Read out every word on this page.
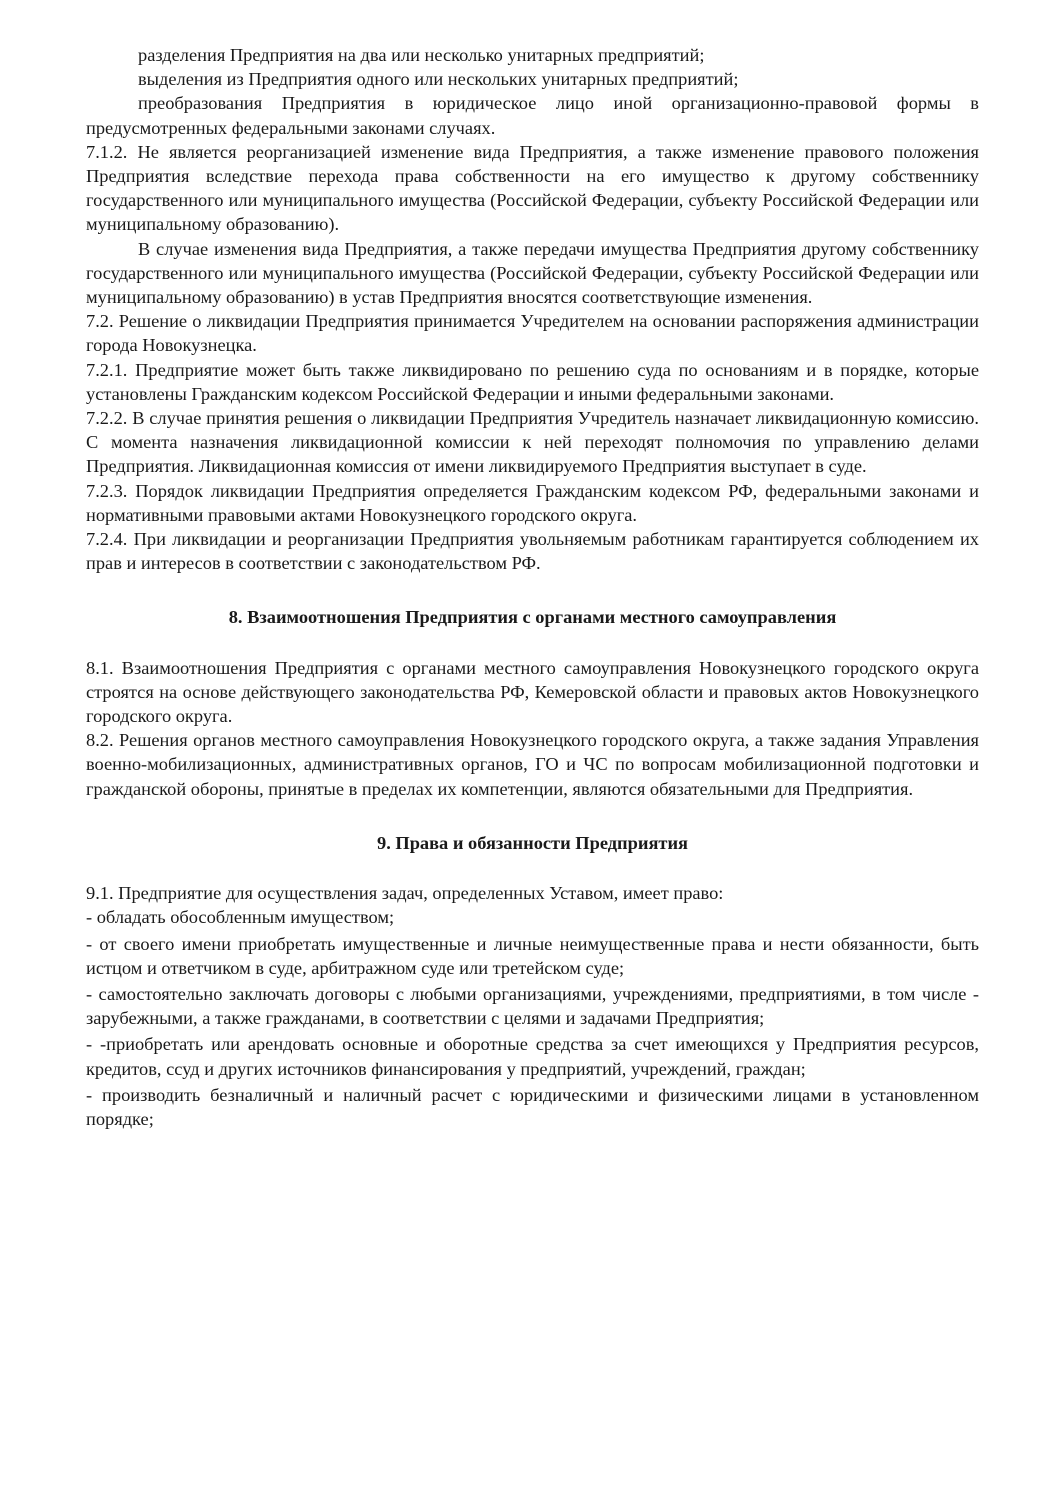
разделения Предприятия на два или несколько унитарных предприятий;

выделения из Предприятия одного или нескольких унитарных предприятий;

преобразования Предприятия в юридическое лицо иной организационно-правовой формы в предусмотренных федеральными законами случаях.

7.1.2. Не является реорганизацией изменение вида Предприятия, а также изменение правового положения Предприятия вследствие перехода права собственности на его имущество к другому собственнику государственного или муниципального имущества (Российской Федерации, субъекту Российской Федерации или муниципальному образованию).

В случае изменения вида Предприятия, а также передачи имущества Предприятия другому собственнику государственного или муниципального имущества (Российской Федерации, субъекту Российской Федерации или муниципальному образованию) в устав Предприятия вносятся соответствующие изменения.

7.2. Решение о ликвидации Предприятия принимается Учредителем на основании распоряжения администрации города Новокузнецка.

7.2.1. Предприятие может быть также ликвидировано по решению суда по основаниям и в порядке, которые установлены Гражданским кодексом Российской Федерации и иными федеральными законами.

7.2.2. В случае принятия решения о ликвидации Предприятия Учредитель назначает ликвидационную комиссию. С момента назначения ликвидационной комиссии к ней переходят полномочия по управлению делами Предприятия. Ликвидационная комиссия от имени ликвидируемого Предприятия выступает в суде.

7.2.3. Порядок ликвидации Предприятия определяется Гражданским кодексом РФ, федеральными законами и нормативными правовыми актами Новокузнецкого городского округа.

7.2.4. При ликвидации и реорганизации Предприятия увольняемым работникам гарантируется соблюдением их прав и интересов в соответствии с законодательством РФ.

8. Взаимоотношения Предприятия с органами местного самоуправления

8.1. Взаимоотношения Предприятия с органами местного самоуправления Новокузнецкого городского округа строятся на основе действующего законодательства РФ, Кемеровской области и правовых актов Новокузнецкого городского округа.

8.2. Решения органов местного самоуправления Новокузнецкого городского округа, а также задания Управления военно-мобилизационных, административных органов, ГО и ЧС по вопросам мобилизационной подготовки и гражданской обороны, принятые в пределах их компетенции, являются обязательными для Предприятия.

9. Права и обязанности Предприятия

9.1. Предприятие для осуществления задач, определенных Уставом, имеет право:

- обладать обособленным имуществом;

- от своего имени приобретать имущественные и личные неимущественные права и нести обязанности, быть истцом и ответчиком в суде, арбитражном суде или третейском суде;

- самостоятельно заключать договоры с любыми организациями, учреждениями, предприятиями, в том числе - зарубежными, а также гражданами, в соответствии с целями и задачами Предприятия;

- -приобретать или арендовать основные и оборотные средства за счет имеющихся у Предприятия ресурсов, кредитов, ссуд и других источников финансирования у предприятий, учреждений, граждан;

- производить безналичный и наличный расчет с юридическими и физическими лицами в установленном порядке;
